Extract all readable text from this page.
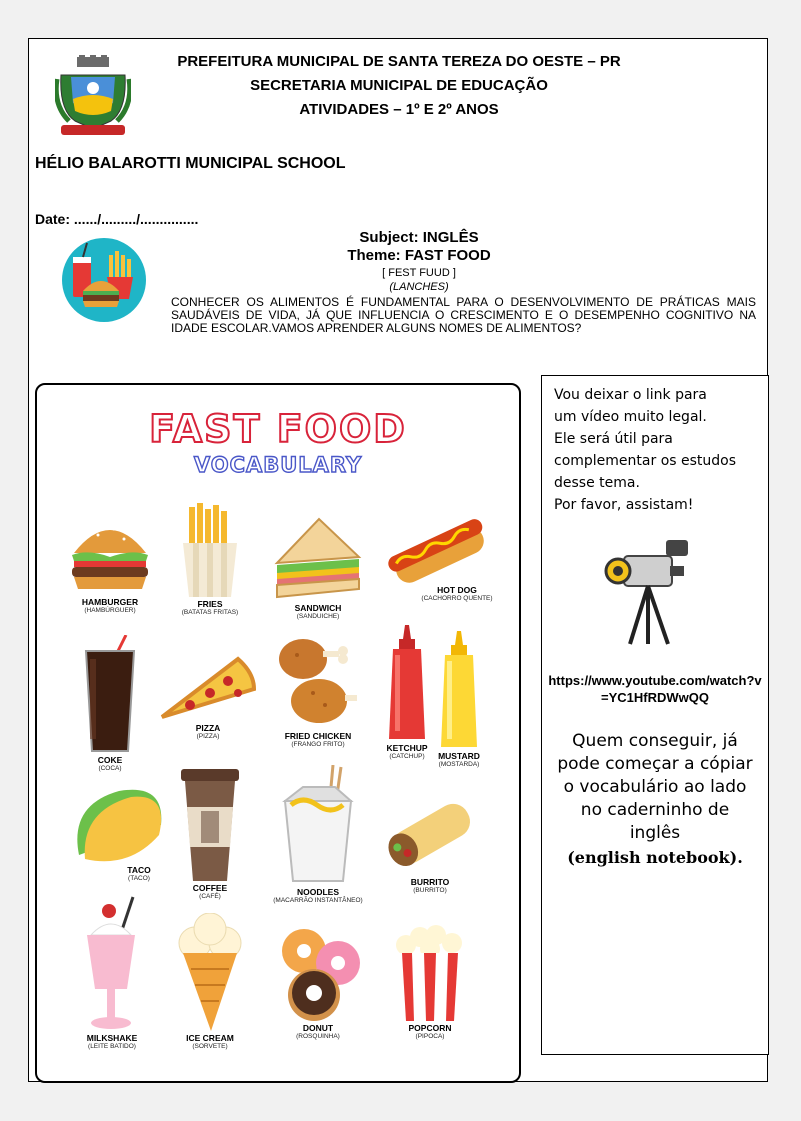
PREFEITURA MUNICIPAL DE SANTA TEREZA DO OESTE – PR
SECRETARIA MUNICIPAL DE EDUCAÇÃO
ATIVIDADES – 1º E 2º ANOS
HÉLIO BALAROTTI MUNICIPAL SCHOOL
Date: ....../........./...............
Subject: INGLÊS
Theme: FAST FOOD
[ FEST FUUD ]
(LANCHES)
CONHECER OS ALIMENTOS É FUNDAMENTAL PARA O DESENVOLVIMENTO DE PRÁTICAS MAIS SAUDÁVEIS DE VIDA, JÁ QUE INFLUENCIA O CRESCIMENTO E O DESEMPENHO COGNITIVO NA IDADE ESCOLAR.VAMOS APRENDER ALGUNS NOMES DE ALIMENTOS?
FAST FOOD
VOCABULARY
HAMBURGER
(HAMBÚRGUER)
FRIES
(BATATAS FRITAS)	SANDWICH
(SANDUICHE)
HOT DOG
(CACHORRO QUENTE)
COKE
(COCA)
PIZZA
(PIZZA)	FRIED CHICKEN
(FRANGO FRITO)	KETCHUP
(CATCHUP)	MUSTARD
(MOSTARDA)
TACO
(TACO)
COFFEE
(CAFÉ)	NOODLES
(MACARRÃO INSTANTÂNEO)
BURRITO
(BURRITO)
MILKSHAKE
(LEITE BATIDO)
ICE CREAM
(SORVETE)
DONUT
(ROSQUINHA)
POPCORN
(PIPOCA)
Vou deixar o link para
um vídeo muito legal.
Ele será útil para
complementar os estudos
desse tema.
Por favor, assistam!
https://www.youtube.com/watch?v=YC1HfRDWwQQ
Quem conseguir, já
pode começar a cópiar
o vocabulário ao lado
no caderninho de
inglês
(english notebook).
